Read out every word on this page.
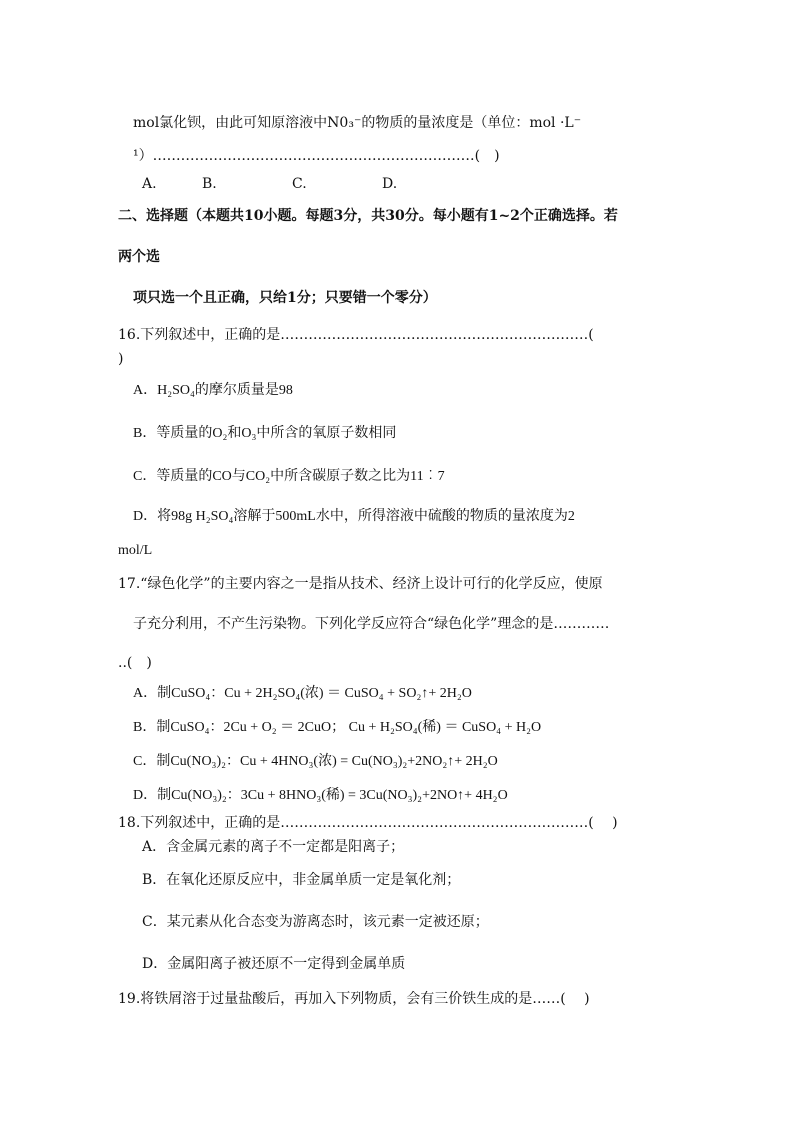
mol氯化钡，由此可知原溶液中N0₃⁻的物质的量浓度是（单位：mol ·L⁻
¹）……………………………………………………………(　)
A.	B.	C.	D.
二、选择题（本题共10小题。每题3分，共30分。每小题有1~2个正确选择。若
两个选
项只选一个且正确，只给1分；只要错一个零分）
16.下列叙述中，正确的是…………………………………………………………(
)
A．H₂SO₄的摩尔质量是98
B．等质量的O₂和O₃中所含的氧原子数相同
C．等质量的CO与CO₂中所含碳原子数之比为11︰7
D．将98g H₂SO₄溶解于500mL水中，所得溶液中硫酸的物质的量浓度为2
mol/L
17.“绿色化学”的主要内容之一是指从技术、经济上设计可行的化学反应，使原
子充分利用，不产生污染物。下列化学反应符合“绿色化学”理念的是…………
..(　)
A．制CuSO₄：Cu + 2H₂SO₄(浓) ＝ CuSO₄ + SO₂↑+ 2H₂O
B．制CuSO₄：2Cu + O₂ ＝ 2CuO； Cu + H₂SO₄(稀) ＝ CuSO₄ + H₂O
C．制Cu(NO₃)₂：Cu + 4HNO₃(浓) = Cu(NO₃)₂+2NO₂↑+ 2H₂O
D．制Cu(NO₃)₂：3Cu + 8HNO₃(稀) = 3Cu(NO₃)₂+2NO↑+ 4H₂O
18.下列叙述中，正确的是…………………………………………………………(　 )
A．含金属元素的离子不一定都是阳离子；
B．在氧化还原反应中，非金属单质一定是氧化剂；
C．某元素从化合态变为游离态时，该元素一定被还原；
D．金属阳离子被还原不一定得到金属单质
19.将铁屑溶于过量盐酸后，再加入下列物质，会有三价铁生成的是……(　 )
